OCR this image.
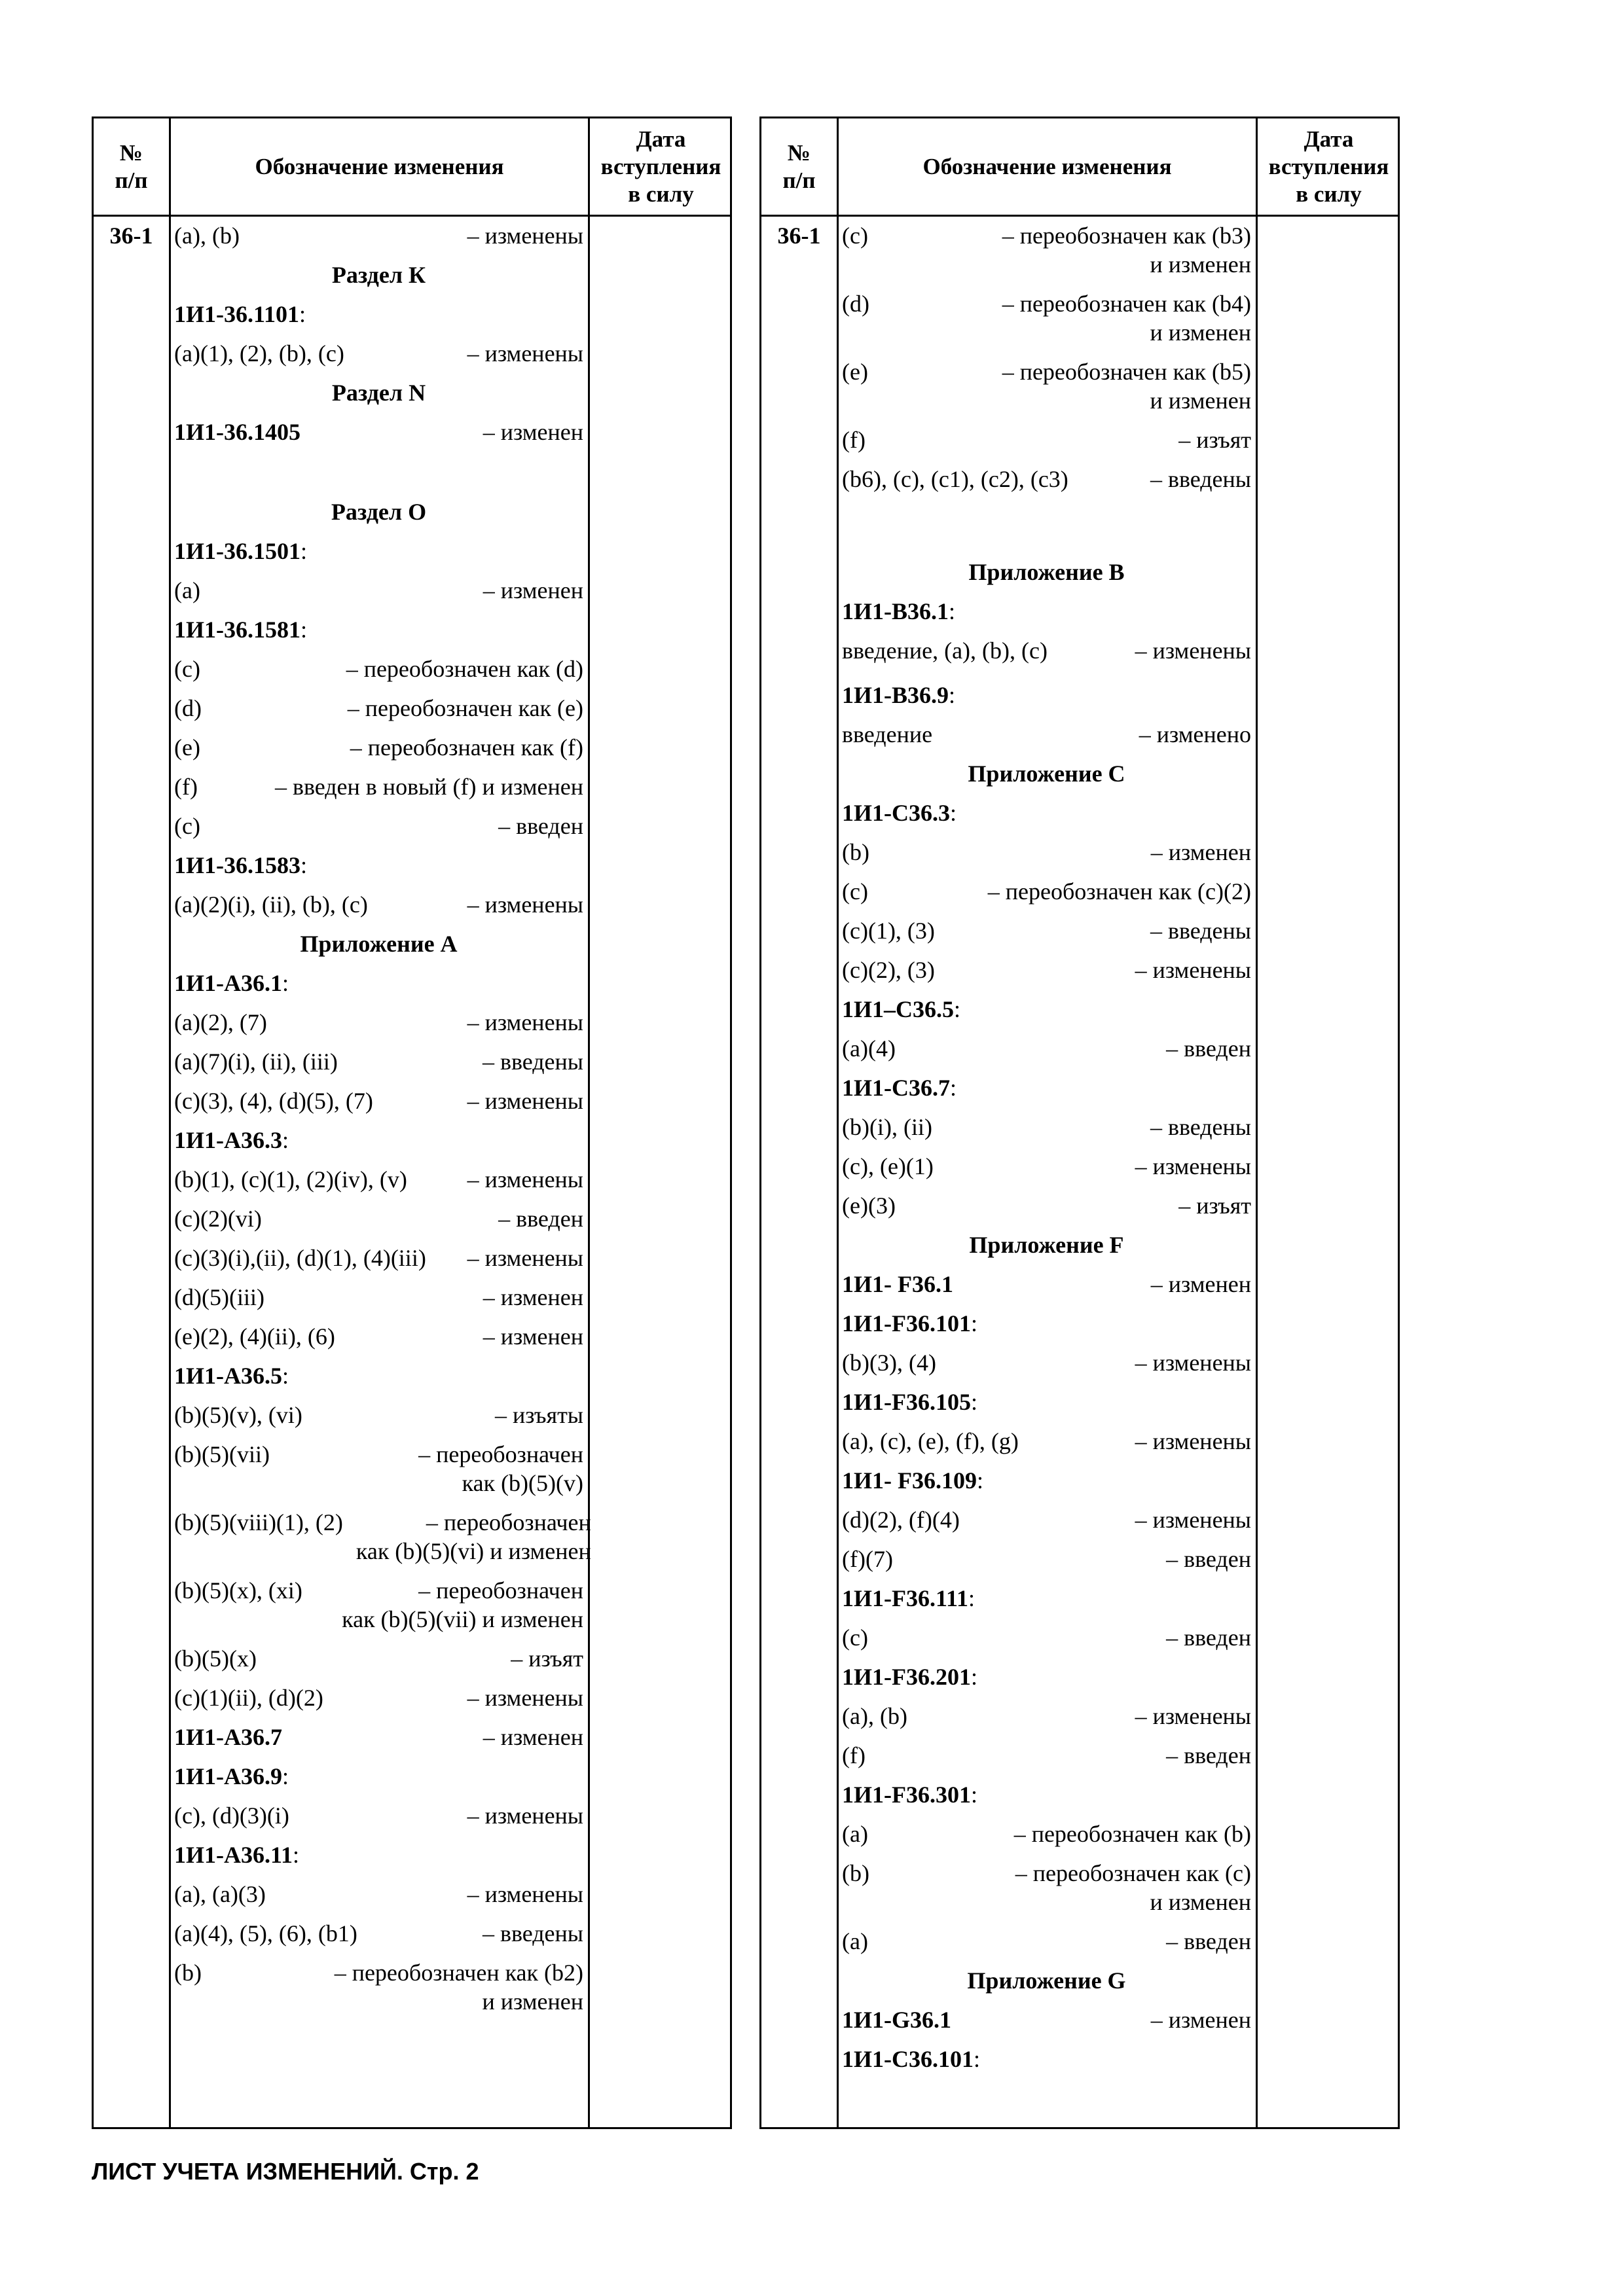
№
п/п
Обозначение изменения
Дата
вступления
в силу
36-1 (a), (b)	– изменены
Раздел К
1И1-36.1101:
(a)(1), (2), (b), (c)	– изменены
Раздел N
1И1-36.1405	– изменен
Раздел O
1И1-36.1501:
(a)	– изменен
1И1-36.1581:
(c)	– переобозначен как (d)
(d)	– переобозначен как (e)
(e)	– переобозначен как (f)
(f)	– введен в новый (f) и изменен
(c)	– введен
1И1-36.1583:
(a)(2)(i), (ii), (b), (c)	– изменены
Приложение А
1И1-А36.1:
(a)(2), (7)	– изменены
(a)(7)(i), (ii), (iii)	– введены
(c)(3), (4), (d)(5), (7)	– изменены
1И1-А36.3:
(b)(1), (c)(1), (2)(iv), (v)	– изменены
(c)(2)(vi)	– введен
(c)(3)(i),(ii), (d)(1), (4)(iii) – изменены
(d)(5)(iii)	– изменен
(e)(2), (4)(ii), (6)	– изменен
1И1-А36.5:
(b)(5)(v), (vi)	– изъяты
(b)(5)(vii)	– переобозначен
как (b)(5)(v)
(b)(5)(viii)(1), (2)	– переобозначен
как (b)(5)(vi) и изменен
(b)(5)(x), (xi)	– переобозначен
как (b)(5)(vii) и изменен
(b)(5)(x)	– изъят
(c)(1)(ii), (d)(2)	– изменены
1И1-А36.7	– изменен
1И1-А36.9:
(c), (d)(3)(i)	– изменены
1И1-А36.11:
(a), (a)(3)	– изменены
(a)(4), (5), (6), (b1)	– введены
(b)	– переобозначен как (b2)
и изменен
№
п/п
Обозначение изменения
Дата
вступления
в силу
36-1 (c)	– переобозначен как (b3)
и изменен
(d)	– переобозначен как (b4)
и изменен
(e)	– переобозначен как (b5)
и изменен
(f)	– изъят
(b6), (c), (c1), (c2), (c3)	– введены
Приложение В
1И1-В36.1:
введение, (a), (b), (c)	– изменены
1И1-В36.9:
введение	– изменено
Приложение С
1И1-С36.3:
(b)	– изменен
(c)	– переобозначен как (c)(2)
(c)(1), (3)	– введены
(c)(2), (3)	– изменены
1И1–С36.5:
(a)(4)	– введен
1И1-С36.7:
(b)(i), (ii)	– введены
(c), (e)(1)	– изменены
(e)(3)	– изъят
Приложение F
1И1- F36.1	– изменен
1И1-F36.101:
(b)(3), (4)	– изменены
1И1-F36.105:
(a), (c), (e), (f), (g)	– изменены
1И1- F36.109:
(d)(2), (f)(4)	– изменены
(f)(7)	– введен
1И1-F36.111:
(c)	– введен
1И1-F36.201:
(a), (b)	– изменены
(f)	– введен
1И1-F36.301:
(a)	– переобозначен как (b)
(b)	– переобозначен как (c)
и изменен
(a)	– введен
Приложение G
1И1-G36.1	– изменен
1И1-С36.101:
ЛИСТ УЧЕТА ИЗМЕНЕНИЙ. Стр. 2
